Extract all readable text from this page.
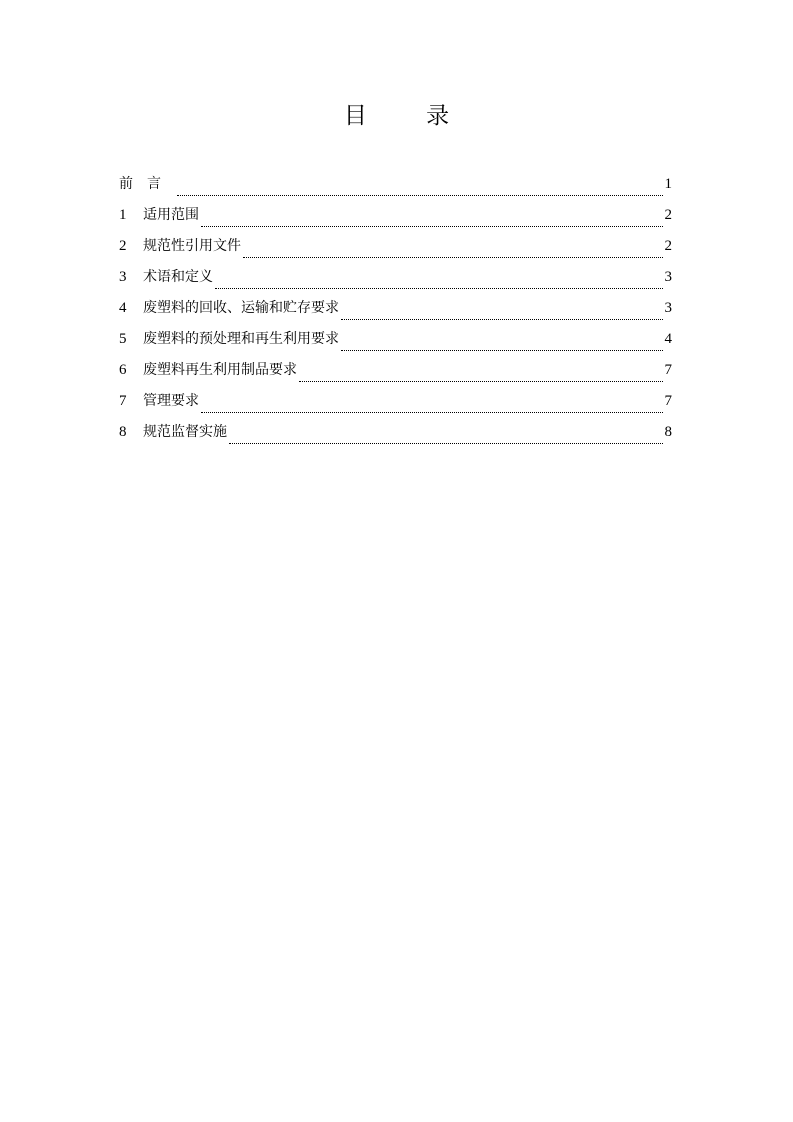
目 录
前言	1
1	适用范围	2
2	规范性引用文件	2
3	术语和定义	3
4	废塑料的回收、运输和贮存要求	3
5	废塑料的预处理和再生利用要求	4
6	废塑料再生利用制品要求	7
7	管理要求	7
8	规范监督实施	8
